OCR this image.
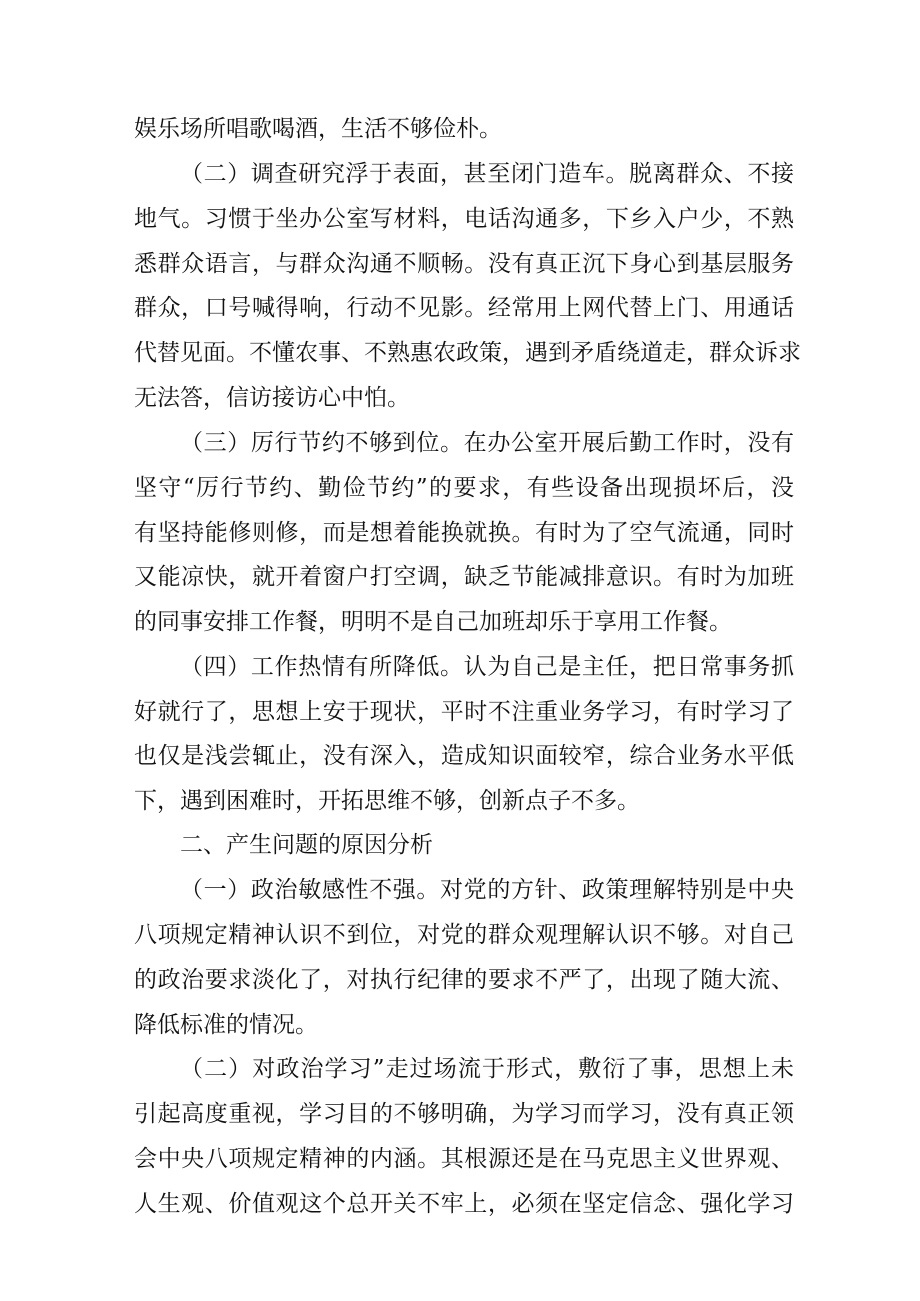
娱乐场所唱歌喝酒，生活不够俭朴。
（二）调查研究浮于表面，甚至闭门造车。脱离群众、不接
地气。习惯于坐办公室写材料，电话沟通多，下乡入户少，不熟
悉群众语言，与群众沟通不顺畅。没有真正沉下身心到基层服务
群众，口号喊得响，行动不见影。经常用上网代替上门、用通话
代替见面。不懂农事、不熟惠农政策，遇到矛盾绕道走，群众诉求
无法答，信访接访心中怕。
（三）厉行节约不够到位。在办公室开展后勤工作时，没有
坚守“厉行节约、勤俭节约”的要求，有些设备出现损坏后，没
有坚持能修则修，而是想着能换就换。有时为了空气流通，同时
又能凉快，就开着窗户打空调，缺乏节能减排意识。有时为加班
的同事安排工作餐，明明不是自己加班却乐于享用工作餐。
（四）工作热情有所降低。认为自己是主任，把日常事务抓
好就行了，思想上安于现状，平时不注重业务学习，有时学习了
也仅是浅尝辄止，没有深入，造成知识面较窄，综合业务水平低
下，遇到困难时，开拓思维不够，创新点子不多。
二、产生问题的原因分析
（一）政治敏感性不强。对党的方针、政策理解特别是中央
八项规定精神认识不到位，对党的群众观理解认识不够。对自己
的政治要求淡化了，对执行纪律的要求不严了，出现了随大流、
降低标准的情况。
（二）对政治学习”走过场流于形式，敷衍了事，思想上未
引起高度重视，学习目的不够明确，为学习而学习，没有真正领
会中央八项规定精神的内涵。其根源还是在马克思主义世界观、
人生观、价值观这个总开关不牢上，必须在坚定信念、强化学习
